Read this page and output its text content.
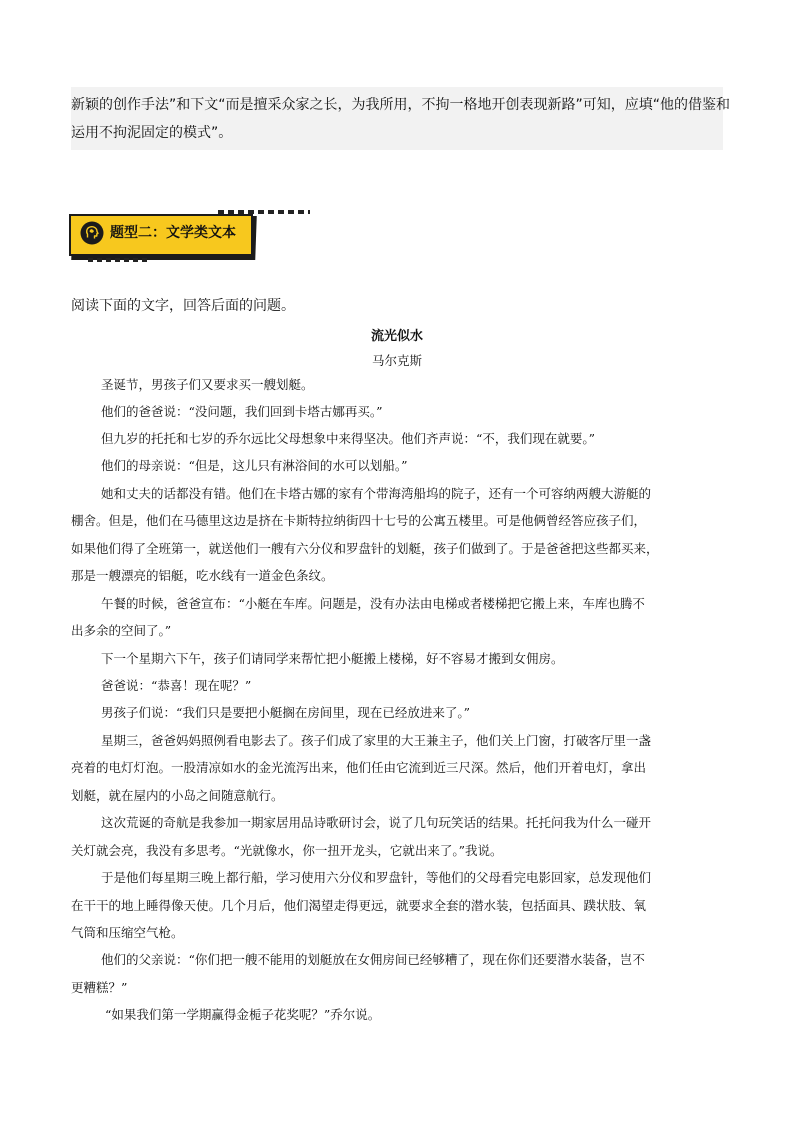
新颖的创作手法”和下文“而是擅采众家之长，为我所用，不拘一格地开创表现新路”可知，应填“他的借鉴和

运用不拘泥固定的模式”。

题型二：文学类文本
阅读下面的文字，回答后面的问题。
流光似水
马尔克斯
圣诞节，男孩子们又要求买一艘划艇。
他们的爸爸说：“没问题，我们回到卡塔古娜再买。”
但九岁的托托和七岁的乔尔远比父母想象中来得坚决。他们齐声说：“不，我们现在就要。”
他们的母亲说：“但是，这儿只有淋浴间的水可以划船。”
她和丈夫的话都没有错。他们在卡塔古娜的家有个带海湾船坞的院子，还有一个可容纳两艘大游艇的
棚舍。但是，他们在马德里这边是挤在卡斯特拉纳街四十七号的公寓五楼里。可是他俩曾经答应孩子们，
如果他们得了全班第一，就送他们一艘有六分仪和罗盘针的划艇，孩子们做到了。于是爸爸把这些都买来，
那是一艘漂亮的铝艇，吃水线有一道金色条纹。
午餐的时候，爸爸宣布：“小艇在车库。问题是，没有办法由电梯或者楼梯把它搬上来，车库也腾不
出多余的空间了。”
下一个星期六下午，孩子们请同学来帮忙把小艇搬上楼梯，好不容易才搬到女佣房。
爸爸说：“恭喜！现在呢？”
男孩子们说：“我们只是要把小艇搁在房间里，现在已经放进来了。”
星期三，爸爸妈妈照例看电影去了。孩子们成了家里的大王兼主子，他们关上门窗，打破客厅里一盏
亮着的电灯灯泡。一股清凉如水的金光流泻出来，他们任由它流到近三尺深。然后，他们开着电灯，拿出
划艇，就在屋内的小岛之间随意航行。
这次荒诞的奇航是我参加一期家居用品诗歌研讨会，说了几句玩笑话的结果。托托问我为什么一碰开
关灯就会亮，我没有多思考。“光就像水，你一扭开龙头，它就出来了。”我说。
于是他们每星期三晚上都行船，学习使用六分仪和罗盘针，等他们的父母看完电影回家，总发现他们
在干干的地上睡得像天使。几个月后，他们渴望走得更远，就要求全套的潜水装，包括面具、蹼状肢、氧
气筒和压缩空气枪。
他们的父亲说：“你们把一艘不能用的划艇放在女佣房间已经够糟了，现在你们还要潜水装备，岂不
更糟糕？”
“如果我们第一学期赢得金栀子花奖呢？”乔尔说。
